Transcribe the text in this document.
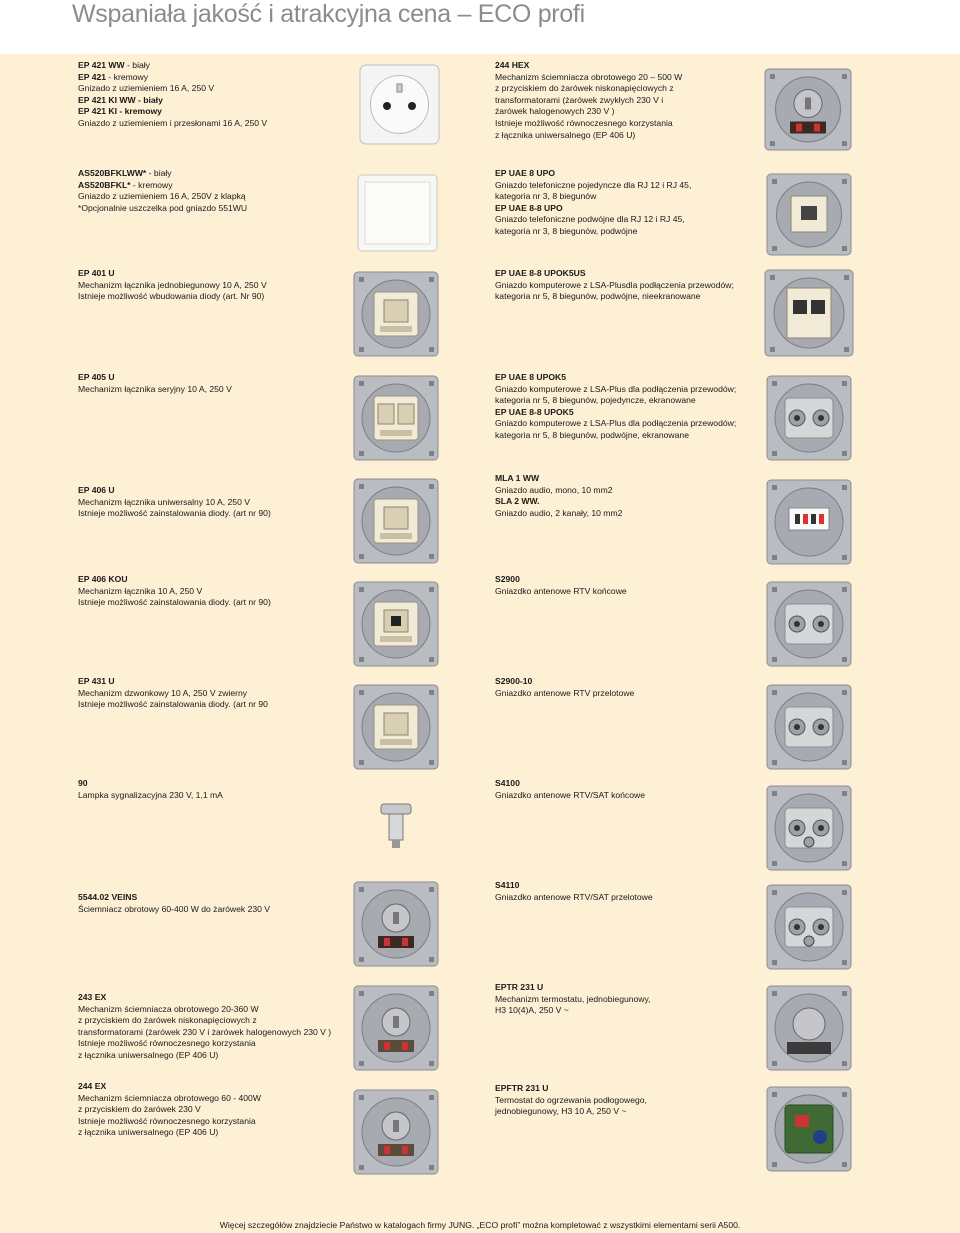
Wspaniała jakość i atrakcyjna cena – ECO profi
EP 421 WW - biały
EP 421 - kremowy
Gnizado z uziemieniem 16 A, 250 V
EP 421 KI WW - biały
EP 421 KI - kremowy
Gniazdo z uziemieniem i przesłonami 16 A, 250 V
AS520BFKLWW* - biały
AS520BFKL* - kremowy
Gniazdo z uziemieniem 16 A, 250V z klapką
*Opcjonalnie uszczelka pod gniazdo 551WU
EP 401 U
Mechanizm łącznika jednobiegunowy 10 A, 250 V
Istnieje możliwość wbudowania diody (art. Nr 90)
EP 405 U
Mechanizm łącznika seryjny 10 A, 250 V
EP 406 U
Mechanizm łącznika uniwersalny 10 A, 250 V
Istnieje możliwość zainstalowania diody. (art nr 90)
EP 406 KOU
Mechanizm łącznika 10 A, 250 V
Istnieje możliwość zainstalowania diody. (art nr 90)
EP 431 U
Mechanizm dzwonkowy 10 A, 250 V zwierny
Istnieje możliwość zainstalowania diody. (art nr 90
90
Lampka sygnalizacyjna 230 V, 1,1 mA
5544.02 VEINS
Ściemniacz obrotowy 60-400 W do żarówek 230 V
243 EX
Mechanizm ściemniacza obrotowego 20-360 W
z przyciskiem do żarówek niskonapięciowych z
transformatorami (żarówek 230 V i żarówek halogenowych 230 V )
Istnieje możliwość równoczesnego korzystania
z łącznika uniwersalnego (EP 406 U)
244 EX
Mechanizm ściemniacza obrotowego 60 - 400W
z przyciskiem do żarówek 230 V
Istnieje możliwość równoczesnego korzystania
z łącznika uniwersalnego (EP 406 U)
244 HEX
Mechanizm ściemniacza obrotowego 20 – 500 W
z przyciskiem do żarówek niskonapięciowych z
transformatorami (żarówek zwykłych 230 V i
żarówek halogenowych 230 V )
Istnieje możliwość równoczesnego korzystania
z łącznika uniwersalnego (EP 406 U)
EP UAE 8 UPO
Gniazdo telefoniczne pojedyncze dla RJ 12 i RJ 45,
kategoria nr 3, 8 biegunów
EP UAE 8-8 UPO
Gniazdo telefoniczne podwójne dla RJ 12 i RJ 45,
kategoria nr 3, 8 biegunów, podwójne
EP UAE 8-8 UPOK5US
Gniazdo komputerowe z LSA-Plusdla podłączenia przewodów;
kategoria nr 5, 8 biegunów, podwójne, nieekranowane
EP UAE 8 UPOK5
Gniazdo komputerowe z LSA-Plus dla podłączenia przewodów;
kategoria nr 5, 8 biegunów, pojedyncze, ekranowane
EP UAE 8-8 UPOK5
Gniazdo komputerowe z LSA-Plus dla podłączenia przewodów;
kategoria nr 5, 8 biegunów, podwójne, ekranowane
MLA 1 WW
Gniazdo audio, mono, 10 mm2
SLA 2 WW.
Gniazdo audio, 2 kanały, 10 mm2
S2900
Gniazdko antenowe RTV końcowe
S2900-10
Gniazdko antenowe RTV przelotowe
S4100
Gniazdko antenowe RTV/SAT końcowe
S4110
Gniazdko antenowe RTV/SAT przelotowe
EPTR 231 U
Mechanizm termostatu, jednobiegunowy,
H3 10(4)A, 250 V ~
EPFTR 231 U
Termostat do ogrzewania podłogowego,
jednobiegunowy, H3 10 A, 250 V ~
Więcej szczegółów znajdziecie Państwo w katalogach firmy JUNG. „ECO profi” można kompletować z wszystkimi elementami serii A500.
